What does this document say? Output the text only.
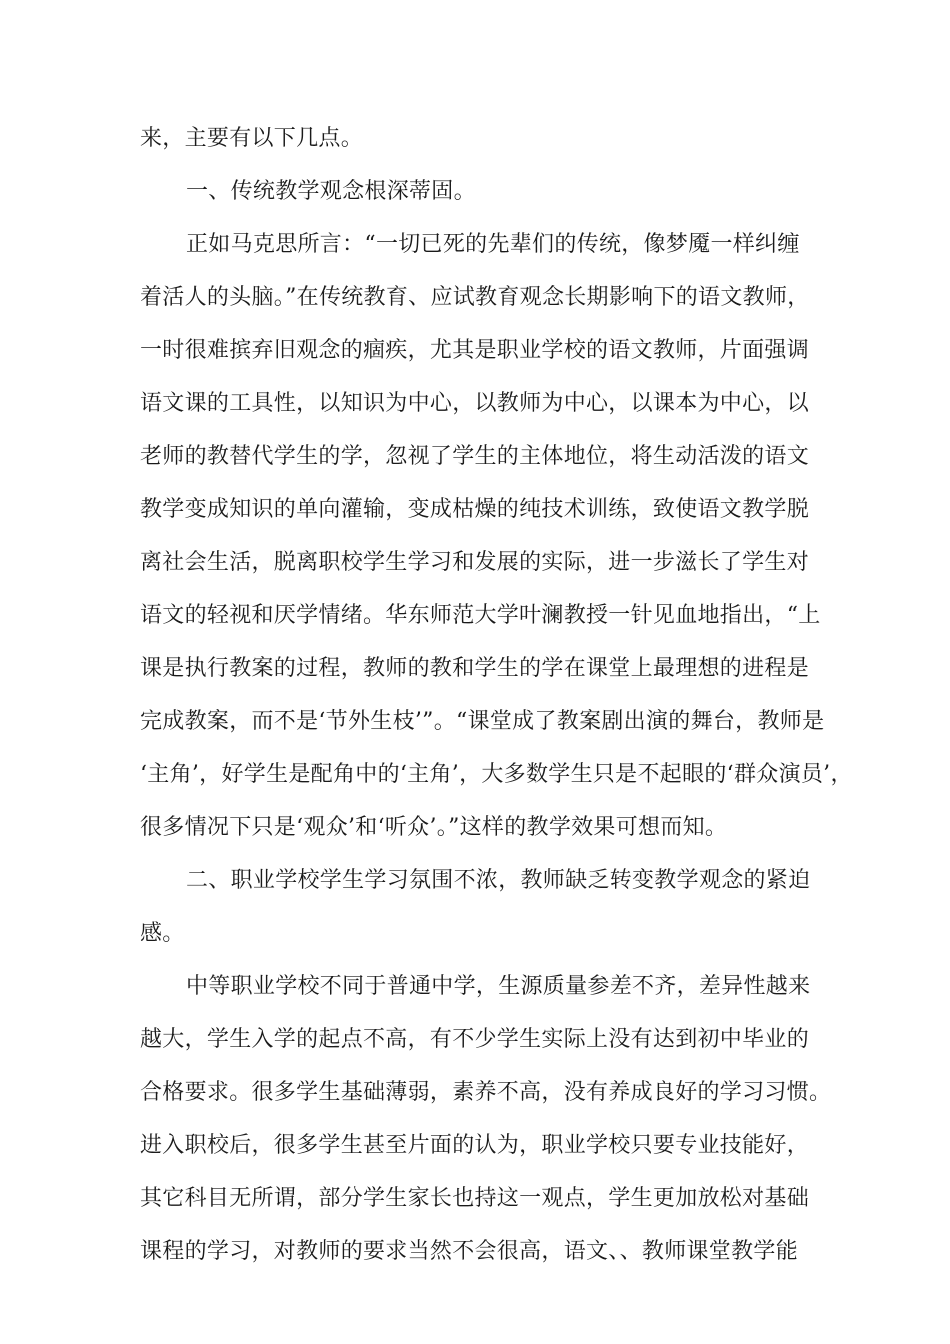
来，主要有以下几点。
一、传统教学观念根深蒂固。
正如马克思所言：“一切已死的先辈们的传统，像梦魇一样纠缠
着活人的头脑。”在传统教育、应试教育观念长期影响下的语文教师，
一时很难摈弃旧观念的痼疾，尤其是职业学校的语文教师，片面强调
语文课的工具性，以知识为中心，以教师为中心，以课本为中心，以
老师的教替代学生的学，忽视了学生的主体地位，将生动活泼的语文
教学变成知识的单向灌输，变成枯燥的纯技术训练，致使语文教学脱
离社会生活，脱离职校学生学习和发展的实际，进一步滋长了学生对
语文的轻视和厌学情绪。华东师范大学叶澜教授一针见血地指出，“上
课是执行教案的过程，教师的教和学生的学在课堂上最理想的进程是
完成教案，而不是‘节外生枝’”。“课堂成了教案剧出演的舞台，教师是
‘主角’，好学生是配角中的‘主角’，大多数学生只是不起眼的‘群众演员’，
很多情况下只是‘观众’和‘听众’。”这样的教学效果可想而知。
二、职业学校学生学习氛围不浓，教师缺乏转变教学观念的紧迫
感。
中等职业学校不同于普通中学，生源质量参差不齐，差异性越来
越大，学生入学的起点不高，有不少学生实际上没有达到初中毕业的
合格要求。很多学生基础薄弱，素养不高，没有养成良好的学习习惯。
进入职校后，很多学生甚至片面的认为，职业学校只要专业技能好，
其它科目无所谓，部分学生家长也持这一观点，学生更加放松对基础
课程的学习，对教师的要求当然不会很高，语文、、教师课堂教学能
